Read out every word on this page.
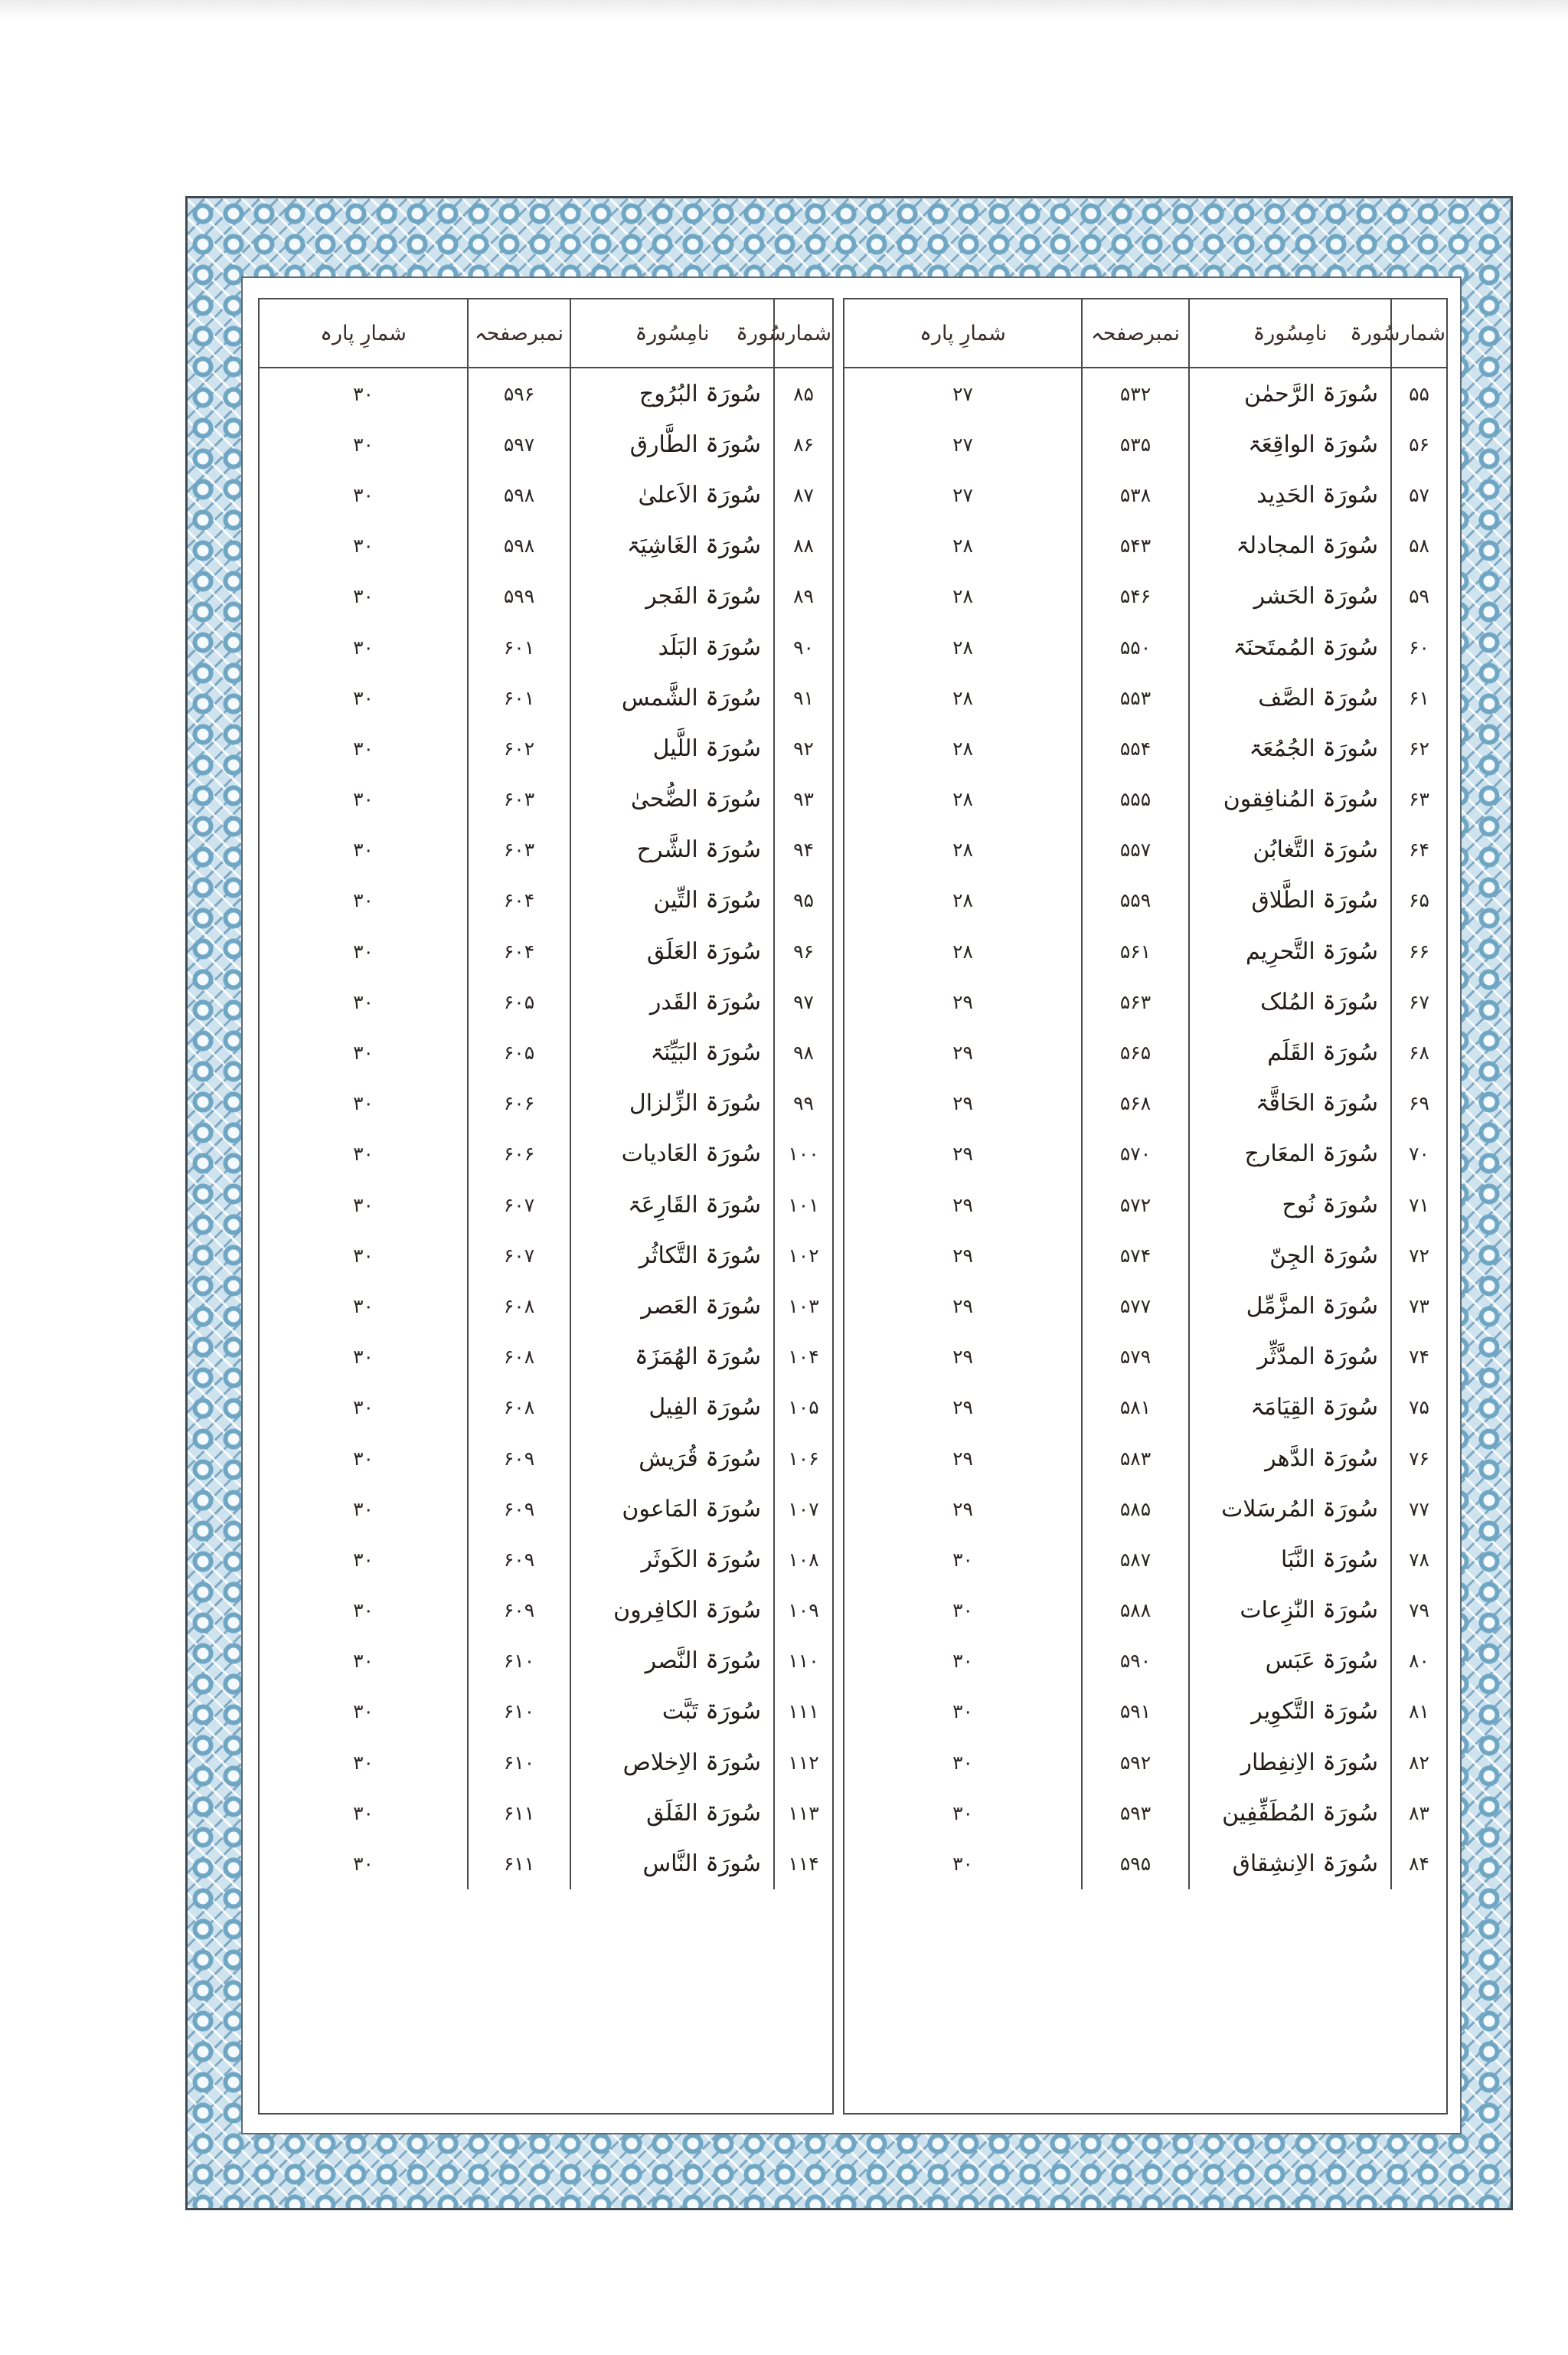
شمارسُورۃ	نامِسُورۃ	نمبرصفحہ	شمارِ پارہ
۵۵	سُورَۃ الرَّحمٰن	۵۳۲	۲۷
۵۶	سُورَۃ الواقِعَۃ	۵۳۵	۲۷
۵۷	سُورَۃ الحَدِید	۵۳۸	۲۷
۵۸	سُورَۃ المجادلۃ	۵۴۳	۲۸
۵۹	سُورَۃ الحَشر	۵۴۶	۲۸
۶۰	سُورَۃ المُمتَحنَۃ	۵۵۰	۲۸
۶۱	سُورَۃ الصَّف	۵۵۳	۲۸
۶۲	سُورَۃ الجُمُعَۃ	۵۵۴	۲۸
۶۳	سُورَۃ المُنافِقون	۵۵۵	۲۸
۶۴	سُورَۃ التَّغابُن	۵۵۷	۲۸
۶۵	سُورَۃ الطَّلاق	۵۵۹	۲۸
۶۶	سُورَۃ التَّحرِیم	۵۶۱	۲۸
۶۷	سُورَۃ المُلک	۵۶۳	۲۹
۶۸	سُورَۃ القَلَم	۵۶۵	۲۹
۶۹	سُورَۃ الحَاقَّۃ	۵۶۸	۲۹
۷۰	سُورَۃ المعَارج	۵۷۰	۲۹
۷۱	سُورَۃ نُوح	۵۷۲	۲۹
۷۲	سُورَۃ الجِنّ	۵۷۴	۲۹
۷۳	سُورَۃ المزَّمِّل	۵۷۷	۲۹
۷۴	سُورَۃ المدَّثِّر	۵۷۹	۲۹
۷۵	سُورَۃ القِیَامَۃ	۵۸۱	۲۹
۷۶	سُورَۃ الدَّھر	۵۸۳	۲۹
۷۷	سُورَۃ المُرسَلات	۵۸۵	۲۹
۷۸	سُورَۃ النَّبَا	۵۸۷	۳۰
۷۹	سُورَۃ النّٰزِعات	۵۸۸	۳۰
۸۰	سُورَۃ عَبَس	۵۹۰	۳۰
۸۱	سُورَۃ التَّکوِیر	۵۹۱	۳۰
۸۲	سُورَۃ الاِنفِطار	۵۹۲	۳۰
۸۳	سُورَۃ المُطَفِّفِین	۵۹۳	۳۰
۸۴	سُورَۃ الاِنشِقاق	۵۹۵	۳۰
شمارسُورۃ	نامِسُورۃ	نمبرصفحہ	شمارِ پارہ
۸۵	سُورَۃ البُرُوج	۵۹۶	۳۰
۸۶	سُورَۃ الطَّارق	۵۹۷	۳۰
۸۷	سُورَۃ الاَعلیٰ	۵۹۸	۳۰
۸۸	سُورَۃ الغَاشِیَۃ	۵۹۸	۳۰
۸۹	سُورَۃ الفَجر	۵۹۹	۳۰
۹۰	سُورَۃ البَلَد	۶۰۱	۳۰
۹۱	سُورَۃ الشَّمس	۶۰۱	۳۰
۹۲	سُورَۃ اللَّیل	۶۰۲	۳۰
۹۳	سُورَۃ الضُّحیٰ	۶۰۳	۳۰
۹۴	سُورَۃ الشَّرح	۶۰۳	۳۰
۹۵	سُورَۃ التِّین	۶۰۴	۳۰
۹۶	سُورَۃ العَلَق	۶۰۴	۳۰
۹۷	سُورَۃ القَدر	۶۰۵	۳۰
۹۸	سُورَۃ البَیِّنَۃ	۶۰۵	۳۰
۹۹	سُورَۃ الزِّلزال	۶۰۶	۳۰
۱۰۰	سُورَۃ العَادیات	۶۰۶	۳۰
۱۰۱	سُورَۃ القَارِعَۃ	۶۰۷	۳۰
۱۰۲	سُورَۃ التَّکاثُر	۶۰۷	۳۰
۱۰۳	سُورَۃ العَصر	۶۰۸	۳۰
۱۰۴	سُورَۃ الھُمَزَۃ	۶۰۸	۳۰
۱۰۵	سُورَۃ الفِیل	۶۰۸	۳۰
۱۰۶	سُورَۃ قُرَیش	۶۰۹	۳۰
۱۰۷	سُورَۃ المَاعون	۶۰۹	۳۰
۱۰۸	سُورَۃ الکَوثَر	۶۰۹	۳۰
۱۰۹	سُورَۃ الکافِرون	۶۰۹	۳۰
۱۱۰	سُورَۃ النَّصر	۶۱۰	۳۰
۱۱۱	سُورَۃ تَبَّت	۶۱۰	۳۰
۱۱۲	سُورَۃ الاِخلاص	۶۱۰	۳۰
۱۱۳	سُورَۃ الفَلَق	۶۱۱	۳۰
۱۱۴	سُورَۃ النَّاس	۶۱۱	۳۰
